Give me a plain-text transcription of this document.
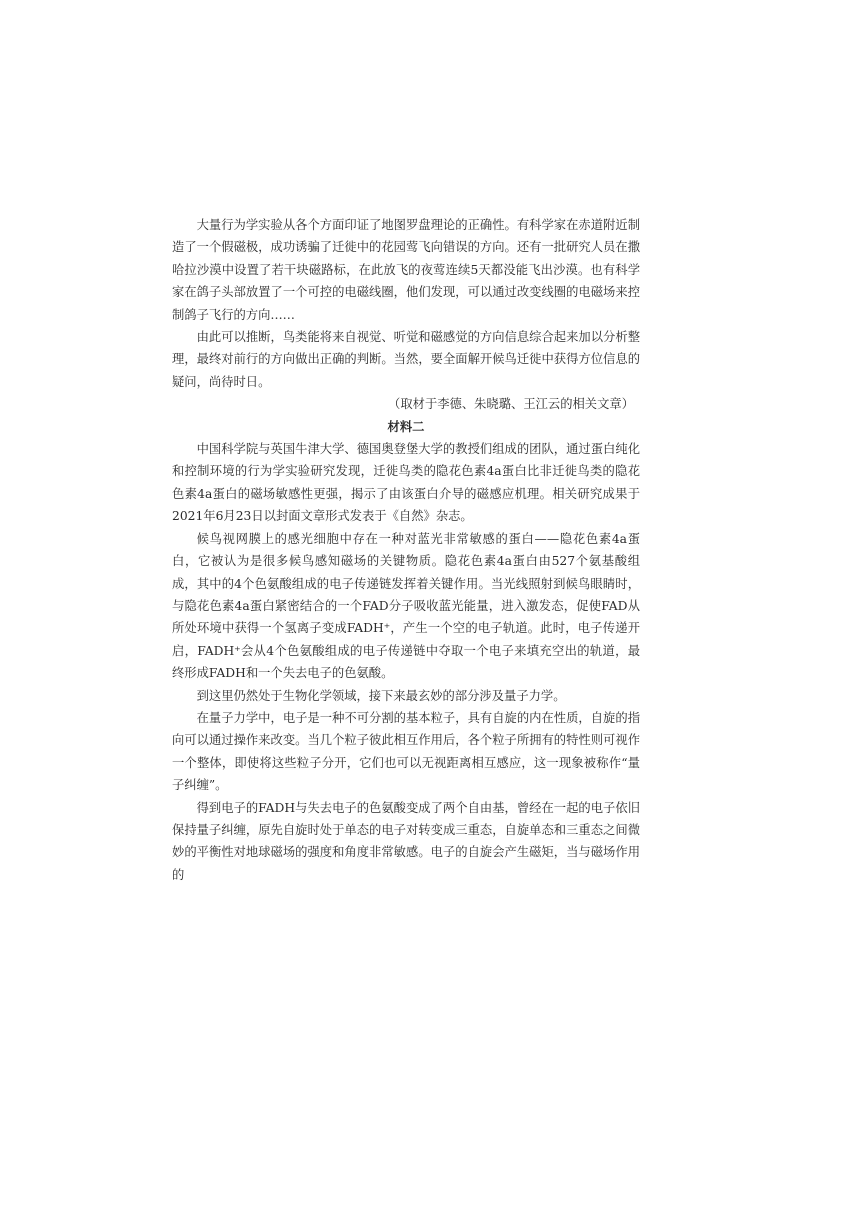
大量行为学实验从各个方面印证了地图罗盘理论的正确性。有科学家在赤道附近制造了一个假磁极，成功诱骗了迁徙中的花园莺飞向错误的方向。还有一批研究人员在撒哈拉沙漠中设置了若干块磁路标，在此放飞的夜莺连续5天都没能飞出沙漠。也有科学家在鸽子头部放置了一个可控的电磁线圈，他们发现，可以通过改变线圈的电磁场来控制鸽子飞行的方向……

由此可以推断，鸟类能将来自视觉、听觉和磁感觉的方向信息综合起来加以分析整理，最终对前行的方向做出正确的判断。当然，要全面解开候鸟迁徙中获得方位信息的疑问，尚待时日。

（取材于李德、朱晓璐、王江云的相关文章）

材料二

中国科学院与英国牛津大学、德国奥登堡大学的教授们组成的团队，通过蛋白纯化和控制环境的行为学实验研究发现，迁徙鸟类的隐花色素4a蛋白比非迁徙鸟类的隐花色素4a蛋白的磁场敏感性更强，揭示了由该蛋白介导的磁感应机理。相关研究成果于2021年6月23日以封面文章形式发表于《自然》杂志。

候鸟视网膜上的感光细胞中存在一种对蓝光非常敏感的蛋白——隐花色素4a蛋白，它被认为是很多候鸟感知磁场的关键物质。隐花色素4a蛋白由527个氨基酸组成，其中的4个色氨酸组成的电子传递链发挥着关键作用。当光线照射到候鸟眼睛时，与隐花色素4a蛋白紧密结合的一个FAD分子吸收蓝光能量，进入激发态，促使FAD从所处环境中获得一个氢离子变成FADH⁺，产生一个空的电子轨道。此时，电子传递开启，FADH⁺会从4个色氨酸组成的电子传递链中夺取一个电子来填充空出的轨道，最终形成FADH和一个失去电子的色氨酸。

到这里仍然处于生物化学领域，接下来最玄妙的部分涉及量子力学。

在量子力学中，电子是一种不可分割的基本粒子，具有自旋的内在性质，自旋的指向可以通过操作来改变。当几个粒子彼此相互作用后，各个粒子所拥有的特性则可视作一个整体，即使将这些粒子分开，它们也可以无视距离相互感应，这一现象被称作“量子纠缠”。

得到电子的FADH与失去电子的色氨酸变成了两个自由基，曾经在一起的电子依旧保持量子纠缠，原先自旋时处于单态的电子对转变成三重态，自旋单态和三重态之间微妙的平衡性对地球磁场的强度和角度非常敏感。电子的自旋会产生磁矩，当与磁场作用的
